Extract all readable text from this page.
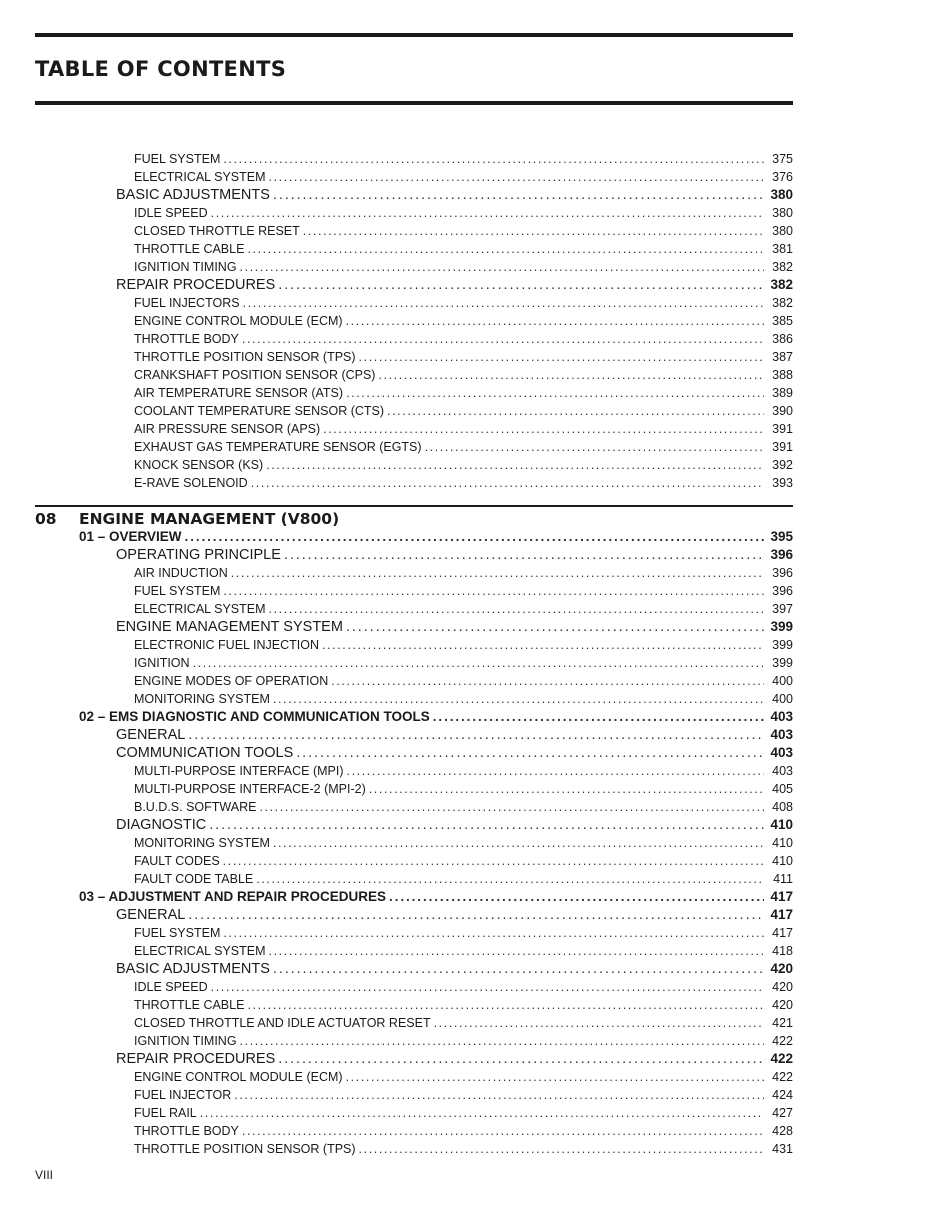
TABLE OF CONTENTS
FUEL SYSTEM .....	375
ELECTRICAL SYSTEM .....	376
BASIC ADJUSTMENTS .....	380
IDLE SPEED .....	380
CLOSED THROTTLE RESET .....	380
THROTTLE CABLE .....	381
IGNITION TIMING .....	382
REPAIR PROCEDURES .....	382
FUEL INJECTORS .....	382
ENGINE CONTROL MODULE (ECM) .....	385
THROTTLE BODY .....	386
THROTTLE POSITION SENSOR (TPS) .....	387
CRANKSHAFT POSITION SENSOR (CPS) .....	388
AIR TEMPERATURE SENSOR (ATS) .....	389
COOLANT TEMPERATURE SENSOR (CTS) .....	390
AIR PRESSURE SENSOR (APS) .....	391
EXHAUST GAS TEMPERATURE SENSOR (EGTS) .....	391
KNOCK SENSOR (KS) .....	392
E-RAVE SOLENOID .....	393
08 ENGINE MANAGEMENT (V800)
01 – OVERVIEW .....	395
OPERATING PRINCIPLE .....	396
AIR INDUCTION .....	396
FUEL SYSTEM .....	396
ELECTRICAL SYSTEM .....	397
ENGINE MANAGEMENT SYSTEM .....	399
ELECTRONIC FUEL INJECTION .....	399
IGNITION .....	399
ENGINE MODES OF OPERATION .....	400
MONITORING SYSTEM .....	400
02 – EMS DIAGNOSTIC AND COMMUNICATION TOOLS .....	403
GENERAL .....	403
COMMUNICATION TOOLS .....	403
MULTI-PURPOSE INTERFACE (MPI) .....	403
MULTI-PURPOSE INTERFACE-2 (MPI-2) .....	405
B.U.D.S. SOFTWARE .....	408
DIAGNOSTIC .....	410
MONITORING SYSTEM .....	410
FAULT CODES .....	410
FAULT CODE TABLE .....	411
03 – ADJUSTMENT AND REPAIR PROCEDURES .....	417
GENERAL .....	417
FUEL SYSTEM .....	417
ELECTRICAL SYSTEM .....	418
BASIC ADJUSTMENTS .....	420
IDLE SPEED .....	420
THROTTLE CABLE .....	420
CLOSED THROTTLE AND IDLE ACTUATOR RESET .....	421
IGNITION TIMING .....	422
REPAIR PROCEDURES .....	422
ENGINE CONTROL MODULE (ECM) .....	422
FUEL INJECTOR .....	424
FUEL RAIL .....	427
THROTTLE BODY .....	428
THROTTLE POSITION SENSOR (TPS) .....	431
VIII
